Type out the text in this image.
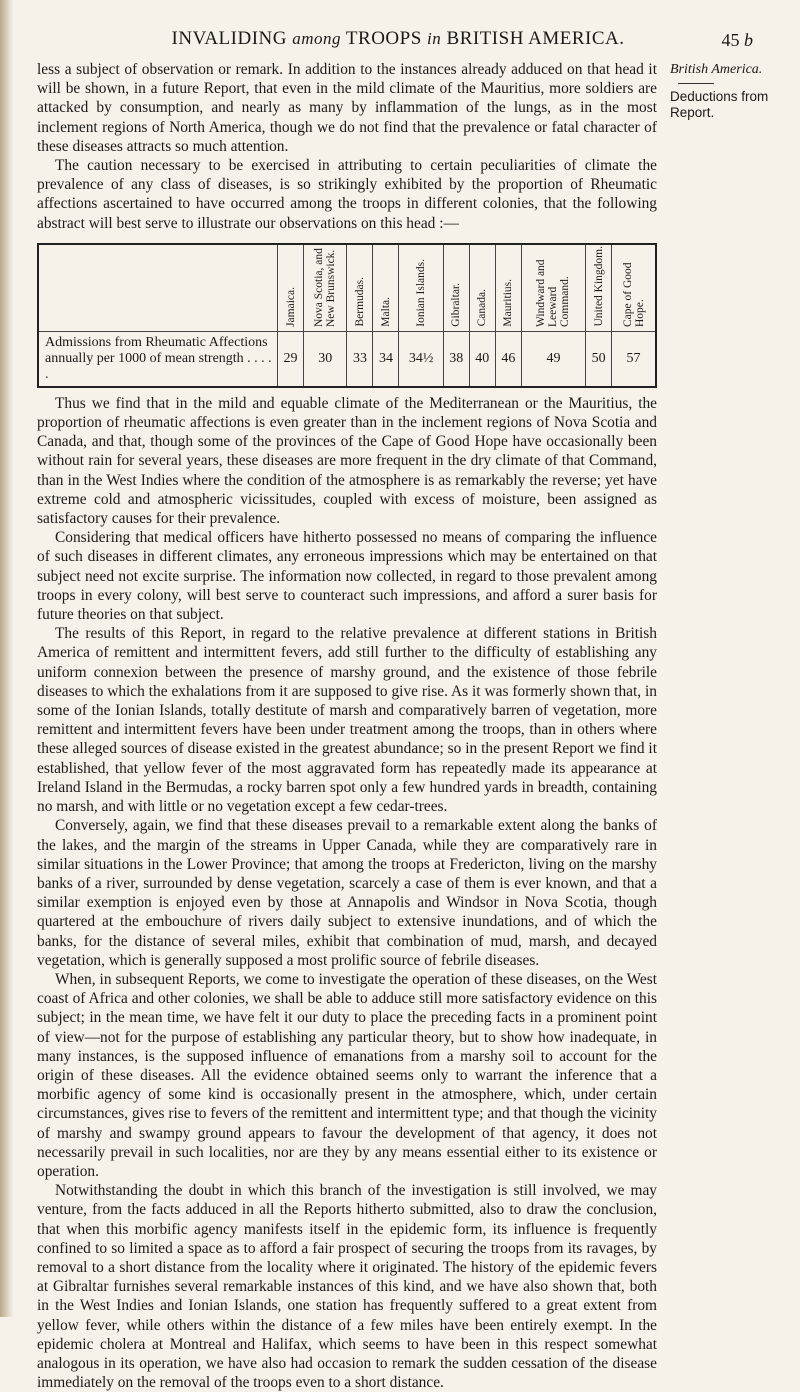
INVALIDING among TROOPS in BRITISH AMERICA.	45 b
British America.
Deductions from Report.

less a subject of observation or remark. In addition to the instances already adduced on that head it will be shown, in a future Report, that even in the mild climate of the Mauritius, more soldiers are attacked by consumption, and nearly as many by inflammation of the lungs, as in the most inclement regions of North America, though we do not find that the prevalence or fatal character of these diseases attracts so much attention.

The caution necessary to be exercised in attributing to certain peculiarities of climate the prevalence of any class of diseases, is so strikingly exhibited by the proportion of Rheumatic affections ascertained to have occurred among the troops in different colonies, that the following abstract will best serve to illustrate our observations on this head :—

	Jamaica.	Nova Scotia, and New Brunswick.	Bermudas.	Malta.	Ionian Islands.	Gibraltar.	Canada.	Mauritius.	Windward and Leeward Command.	United Kingdom.	Cape of Good Hope.

Admissions from Rheumatic Affections annually per 1000 of mean strength . . . . .	29	30	33	34	34½	38	40	46	49	50	57

Thus we find that in the mild and equable climate of the Mediterranean or the Mauritius, the proportion of rheumatic affections is even greater than in the inclement regions of Nova Scotia and Canada, and that, though some of the provinces of the Cape of Good Hope have occasionally been without rain for several years, these diseases are more frequent in the dry climate of that Command, than in the West Indies where the condition of the atmosphere is as remarkably the reverse; yet have extreme cold and atmospheric vicissitudes, coupled with excess of moisture, been assigned as satisfactory causes for their prevalence.

Considering that medical officers have hitherto possessed no means of comparing the influence of such diseases in different climates, any erroneous impressions which may be entertained on that subject need not excite surprise. The information now collected, in regard to those prevalent among troops in every colony, will best serve to counteract such impressions, and afford a surer basis for future theories on that subject.

The results of this Report, in regard to the relative prevalence at different stations in British America of remittent and intermittent fevers, add still further to the difficulty of establishing any uniform connexion between the presence of marshy ground, and the existence of those febrile diseases to which the exhalations from it are supposed to give rise. As it was formerly shown that, in some of the Ionian Islands, totally destitute of marsh and comparatively barren of vegetation, more remittent and intermittent fevers have been under treatment among the troops, than in others where these alleged sources of disease existed in the greatest abundance; so in the present Report we find it established, that yellow fever of the most aggravated form has repeatedly made its appearance at Ireland Island in the Bermudas, a rocky barren spot only a few hundred yards in breadth, containing no marsh, and with little or no vegetation except a few cedar-trees.

Conversely, again, we find that these diseases prevail to a remarkable extent along the banks of the lakes, and the margin of the streams in Upper Canada, while they are comparatively rare in similar situations in the Lower Province; that among the troops at Fredericton, living on the marshy banks of a river, surrounded by dense vegetation, scarcely a case of them is ever known, and that a similar exemption is enjoyed even by those at Annapolis and Windsor in Nova Scotia, though quartered at the embouchure of rivers daily subject to extensive inundations, and of which the banks, for the distance of several miles, exhibit that combination of mud, marsh, and decayed vegetation, which is generally supposed a most prolific source of febrile diseases.

When, in subsequent Reports, we come to investigate the operation of these diseases, on the West coast of Africa and other colonies, we shall be able to adduce still more satisfactory evidence on this subject; in the mean time, we have felt it our duty to place the preceding facts in a prominent point of view—not for the purpose of establishing any particular theory, but to show how inadequate, in many instances, is the supposed influence of emanations from a marshy soil to account for the origin of these diseases. All the evidence obtained seems only to warrant the inference that a morbific agency of some kind is occasionally present in the atmosphere, which, under certain circumstances, gives rise to fevers of the remittent and intermittent type; and that though the vicinity of marshy and swampy ground appears to favour the development of that agency, it does not necessarily prevail in such localities, nor are they by any means essential either to its existence or operation.

Notwithstanding the doubt in which this branch of the investigation is still involved, we may venture, from the facts adduced in all the Reports hitherto submitted, also to draw the conclusion, that when this morbific agency manifests itself in the epidemic form, its influence is frequently confined to so limited a space as to afford a fair prospect of securing the troops from its ravages, by removal to a short distance from the locality where it originated. The history of the epidemic fevers at Gibraltar furnishes several remarkable instances of this kind, and we have also shown that, both in the West Indies and Ionian Islands, one station has frequently suffered to a great extent from yellow fever, while others within the distance of a few miles have been entirely exempt. In the epidemic cholera at Montreal and Halifax, which seems to have been in this respect somewhat analogous in its operation, we have also had occasion to remark the sudden cessation of the disease immediately on the removal of the troops even to a short distance.
